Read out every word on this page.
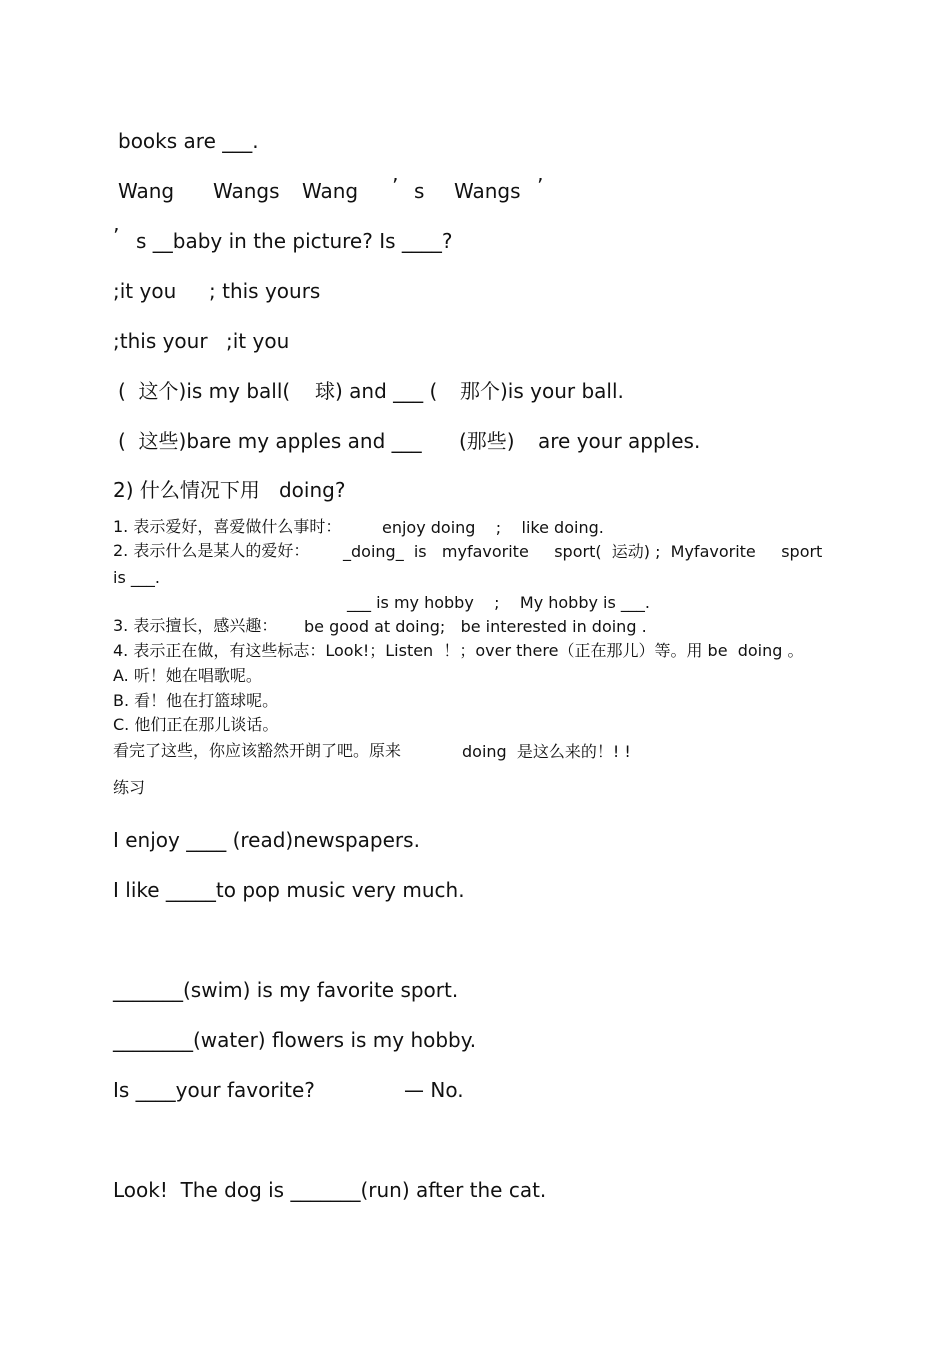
books are ___.
Wang Wangs Wang ’ s Wangs ’
’ s __baby in the picture? Is ____?
;it you ; this yours
;this your ;it you
(  这个)is my ball( 球) and ___ ( 那个)is your ball.
(  这些)bare my apples and ___ (那些) are your apples.
2) 什么情况下用   doing?
1. 表示爱好，喜爱做什么事时：	enjoy doing    ;    like doing.
2. 表示什么是某人的爱好： _doing_  is   myfavorite     sport(  运动) ;  Myfavorite     sport
is ___.
___ is my hobby    ;    My hobby is ___.
3. 表示擅长，感兴趣： be good at doing;   be interested in doing .
4. 表示正在做，有这些标志：Look!；Listen  ！；over there（正在那儿）等。用 be  doing 。
A. 听！她在唱歌呢。
B. 看！他在打篮球呢。
C. 他们正在那儿谈话。
看完了这些，你应该豁然开朗了吧。原来	doing  是这么来的！! !
练习
I enjoy ____ (read)newspapers.
I like _____to pop music very much.
_______(swim) is my favorite sport.
________(water) flowers is my hobby.
Is ____your favorite?	— No.
Look!  The dog is _______(run) after the cat.
